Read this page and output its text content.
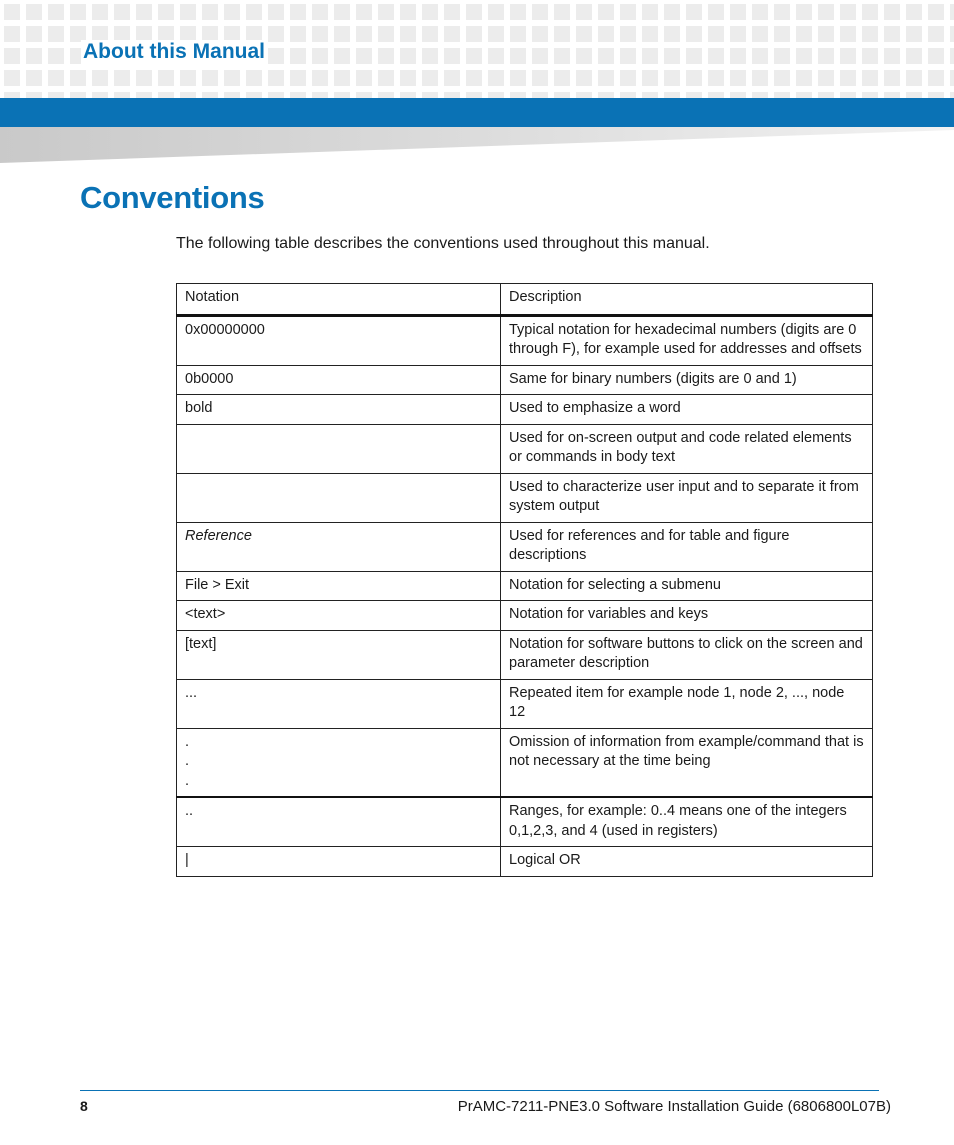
About this Manual
Conventions

The following table describes the conventions used throughout this manual.

Notation	Description
0x00000000	Typical notation for hexadecimal numbers (digits are 0 through F), for example used for addresses and offsets
0b0000	Same for binary numbers (digits are 0 and 1)
bold	Used to emphasize a word
	Used for on-screen output and code related elements or commands in body text
	Used to characterize user input and to separate it from system output
Reference	Used for references and for table and figure descriptions
File > Exit	Notation for selecting a submenu
<text>	Notation for variables and keys
[text]	Notation for software buttons to click on the screen and parameter description
...	Repeated item for example node 1, node 2, ..., node 12

.
.
.	Omission of information from example/command that is not necessary at the time being
..	Ranges, for example: 0..4 means one of the integers 0,1,2,3, and 4 (used in registers)
|	Logical OR

8	PrAMC-7211-PNE3.0 Software Installation Guide (6806800L07B)
